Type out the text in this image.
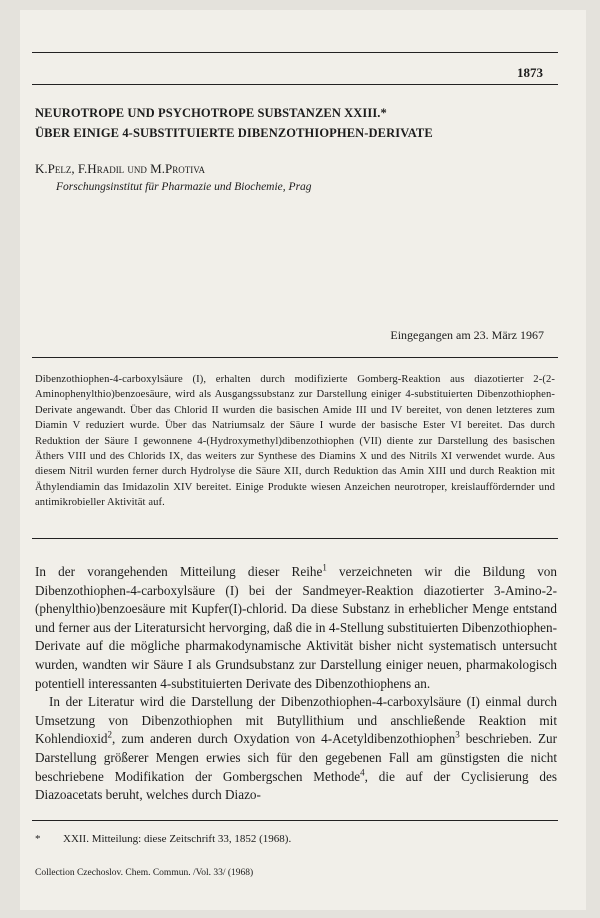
1873

NEUROTROPE UND PSYCHOTROPE SUBSTANZEN XXIII.*
ÜBER EINIGE 4-SUBSTITUIERTE DIBENZOTHIOPHEN-DERIVATE

K.Pelz, F.Hradil und M.Protiva

Forschungsinstitut für Pharmazie und Biochemie, Prag

Eingegangen am 23. März 1967

Dibenzothiophen-4-carboxylsäure (I), erhalten durch modifizierte Gomberg-Reaktion aus diazotierter 2-(2-Aminophenylthio)benzoesäure, wird als Ausgangssubstanz zur Darstellung einiger 4-substituierten Dibenzothiophen-Derivate angewandt. Über das Chlorid II wurden die basischen Amide III und IV bereitet, von denen letzteres zum Diamin V reduziert wurde. Über das Natriumsalz der Säure I wurde der basische Ester VI bereitet. Das durch Reduktion der Säure I gewonnene 4-(Hydroxymethyl)dibenzothiophen (VII) diente zur Darstellung des basischen Äthers VIII und des Chlorids IX, das weiters zur Synthese des Diamins X und des Nitrils XI verwendet wurde. Aus diesem Nitril wurden ferner durch Hydrolyse die Säure XII, durch Reduktion das Amin XIII und durch Reaktion mit Äthylendiamin das Imidazolin XIV bereitet. Einige Produkte wiesen Anzeichen neurotroper, kreislauffördernder und antimikrobieller Aktivität auf.

In der vorangehenden Mitteilung dieser Reihe$^1$ verzeichneten wir die Bildung von Dibenzothiophen-4-carboxylsäure (I) bei der Sandmeyer-Reaktion diazotierter 3-Amino-2-(phenylthio)benzoesäure mit Kupfer(I)-chlorid. Da diese Substanz in erheblicher Menge entstand und ferner aus der Literatursicht hervorging, daß die in 4-Stellung substituierten Dibenzothiophen-Derivate auf die mögliche pharmakodynamische Aktivität bisher nicht systematisch untersucht wurden, wandten wir Säure I als Grundsubstanz zur Darstellung einiger neuen, pharmakologisch potentiell interessanten 4-substituierten Derivate des Dibenzothiophens an.

In der Literatur wird die Darstellung der Dibenzothiophen-4-carboxylsäure (I) einmal durch Umsetzung von Dibenzothiophen mit Butyllithium und anschließende Reaktion mit Kohlendioxid$^2$, zum anderen durch Oxydation von 4-Acetyldibenzothiophen$^3$ beschrieben. Zur Darstellung größerer Mengen erwies sich für den gegebenen Fall am günstigsten die nicht beschriebene Modifikation der Gombergschen Methode$^4$, die auf der Cyclisierung des Diazoacetats beruht, welches durch Diazo-

* XXII. Mitteilung: diese Zeitschrift 33, 1852 (1968).

Collection Czechoslov. Chem. Commun. /Vol. 33/ (1968)
